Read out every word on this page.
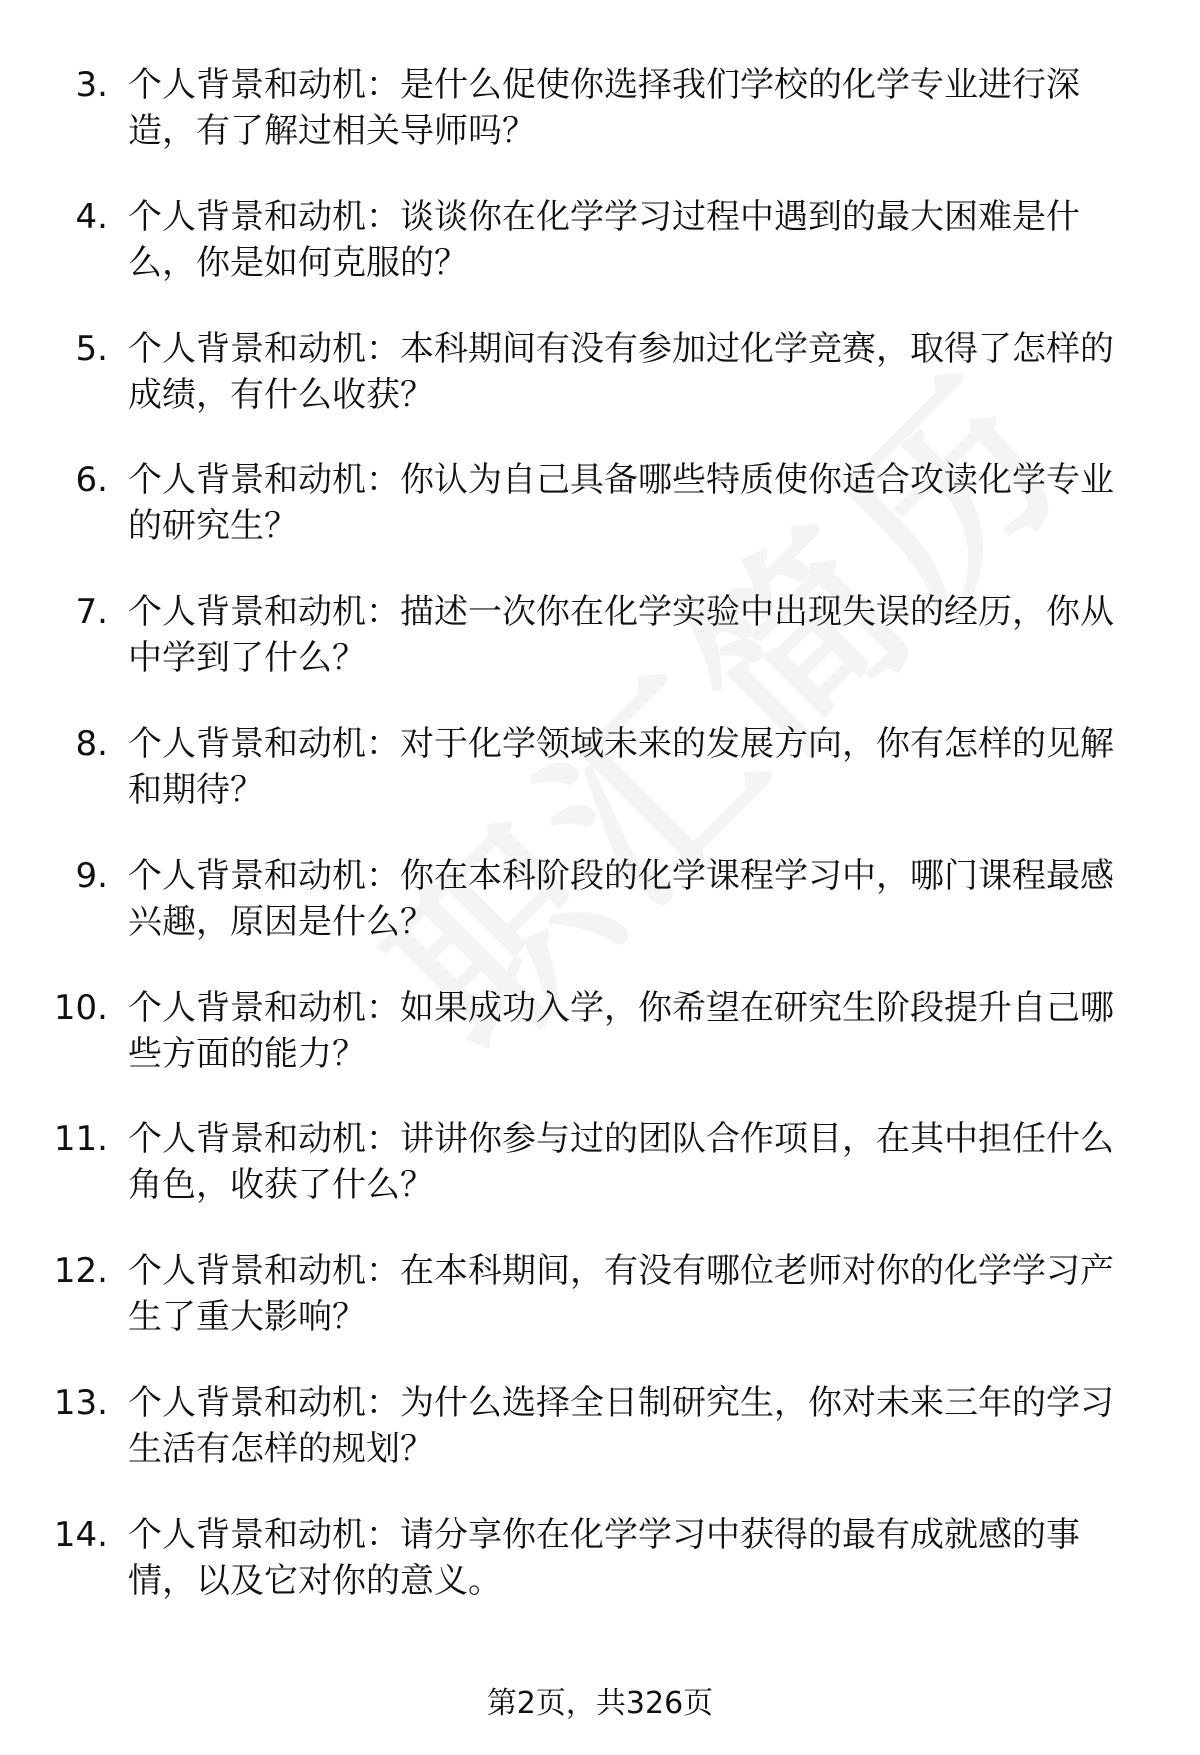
3. 个人背景和动机：是什么促使你选择我们学校的化学专业进行深造，有了解过相关导师吗？
4. 个人背景和动机：谈谈你在化学学习过程中遇到的最大困难是什么，你是如何克服的？
5. 个人背景和动机：本科期间有没有参加过化学竞赛，取得了怎样的成绩，有什么收获？
6. 个人背景和动机：你认为自己具备哪些特质使你适合攻读化学专业的研究生？
7. 个人背景和动机：描述一次你在化学实验中出现失误的经历，你从中学到了什么？
8. 个人背景和动机：对于化学领域未来的发展方向，你有怎样的见解和期待？
9. 个人背景和动机：你在本科阶段的化学课程学习中，哪门课程最感兴趣，原因是什么？
10. 个人背景和动机：如果成功入学，你希望在研究生阶段提升自己哪些方面的能力？
11. 个人背景和动机：讲讲你参与过的团队合作项目，在其中担任什么角色，收获了什么？
12. 个人背景和动机：在本科期间，有没有哪位老师对你的化学学习产生了重大影响？
13. 个人背景和动机：为什么选择全日制研究生，你对未来三年的学习生活有怎样的规划？
14. 个人背景和动机：请分享你在化学学习中获得的最有成就感的事情，以及它对你的意义。
第2页，共326页
